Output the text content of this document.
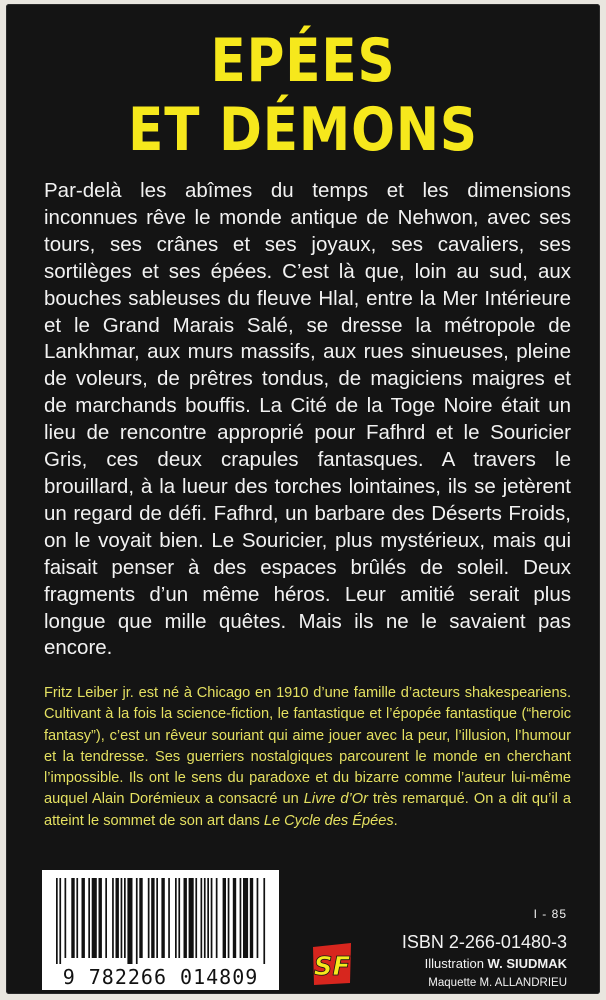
EPÉES
ET DÉMONS

Par-delà les abîmes du temps et les dimensions inconnues rêve le monde antique de Nehwon, avec ses tours, ses crânes et ses joyaux, ses cavaliers, ses sortilèges et ses épées. C’est là que, loin au sud, aux bouches sableuses du fleuve Hlal, entre la Mer Intérieure et le Grand Marais Salé, se dresse la métropole de Lankhmar, aux murs massifs, aux rues sinueuses, pleine de voleurs, de prêtres tondus, de magiciens maigres et de marchands bouffis. La Cité de la Toge Noire était un lieu de rencontre approprié pour Fafhrd et le Souricier Gris, ces deux crapules fantasques. A travers le brouillard, à la lueur des torches lointaines, ils se jetèrent un regard de défi. Fafhrd, un barbare des Déserts Froids, on le voyait bien. Le Souricier, plus mystérieux, mais qui faisait penser à des espaces brûlés de soleil. Deux fragments d’un même héros. Leur amitié serait plus longue que mille quêtes. Mais ils ne le savaient pas encore.

Fritz Leiber jr. est né à Chicago en 1910 d’une famille d’acteurs shakespeariens. Cultivant à la fois la science-fiction, le fantastique et l’épopée fantastique (“heroic fantasy”), c’est un rêveur souriant qui aime jouer avec la peur, l’illusion, l’humour et la tendresse. Ses guerriers nostalgiques parcourent le monde en cherchant l’impossible. Ils ont le sens du paradoxe et du bizarre comme l’auteur lui-même auquel Alain Dorémieux a consacré un Livre d’Or très remarqué. On a dit qu’il a atteint le sommet de son art dans Le Cycle des Épées.

9 782266 014809	SF
I - 85
ISBN 2-266-01480-3
Illustration W. SIUDMAK
Maquette M. ALLANDRIEU
